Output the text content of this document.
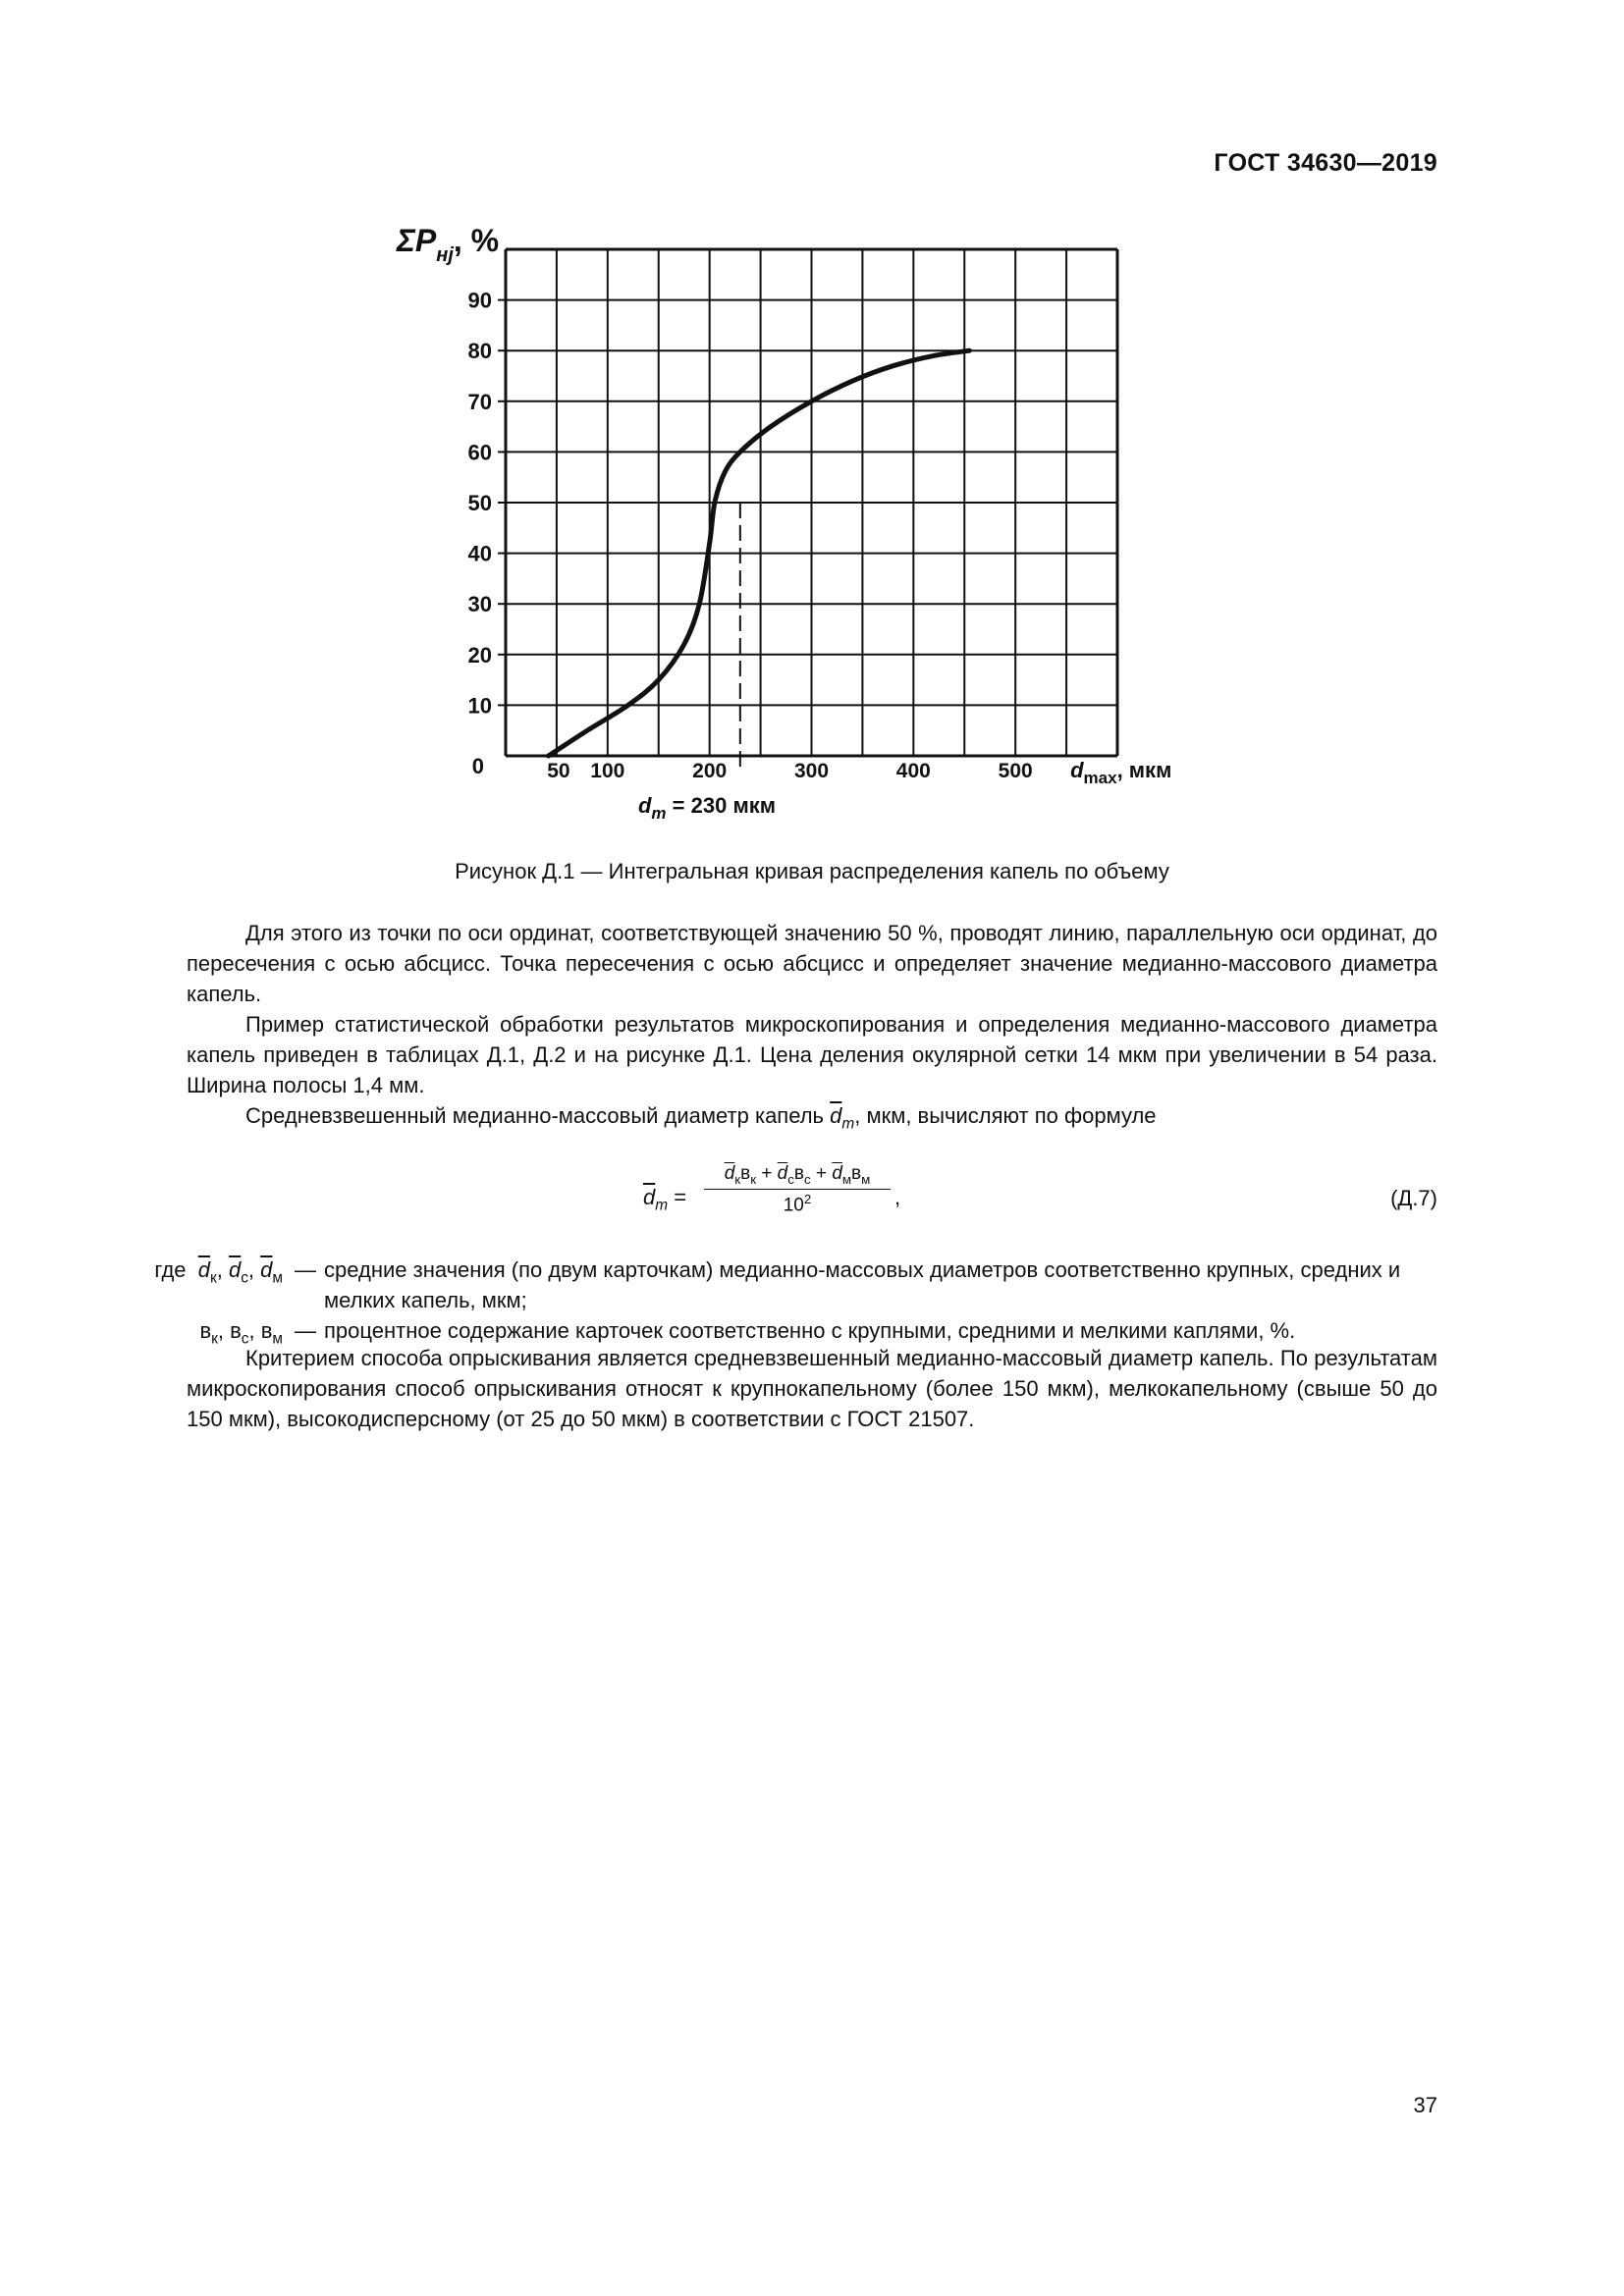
ГОСТ 34630—2019
0
10
20
30
40
50
60
70
80
90
50 100	200	300	400	500
$\Sigma P_{нj}$, %
$d_{max}$, мкм
$d_m = 230$ мкм
Рисунок Д.1 — Интегральная кривая распределения капель по объему

Для этого из точки по оси ординат, соответствующей значению 50 %, проводят линию, параллельную оси ординат, до пересечения с осью абсцисс. Точка пересечения с осью абсцисс и определяет значение медианно-массового диаметра капель.

Пример статистической обработки результатов микроскопирования и определения медианно-массового диаметра капель приведен в таблицах Д.1, Д.2 и на рисунке Д.1. Цена деления окулярной сетки 14 мкм при увеличении в 54 раза. Ширина полосы 1,4 мм.

Средневзвешенный медианно-массовый диаметр капель $\overline{d}_m$, мкм, вычисляют по формуле

$\overline{d}_m$ =
$\overline{d}_кв_к + \overline{d}_св_с + \overline{d}_мв_м$
$10^2$	,	(Д.7)
где $\overline{d}_к$, $\overline{d}_с$, $\overline{d}_м$ — средние значения (по двум карточкам) медианно-массовых диаметров соответственно крупных, средних и мелких капель, мкм;
$в_к$, $в_с$, $в_м$ — процентное содержание карточек соответственно с крупными, средними и мелкими каплями, %.

Критерием способа опрыскивания является средневзвешенный медианно-массовый диаметр капель. По результатам микроскопирования способ опрыскивания относят к крупнокапельному (более 150 мкм), мелкокапельному (свыше 50 до 150 мкм), высокодисперсному (от 25 до 50 мкм) в соответствии с ГОСТ 21507.

37
